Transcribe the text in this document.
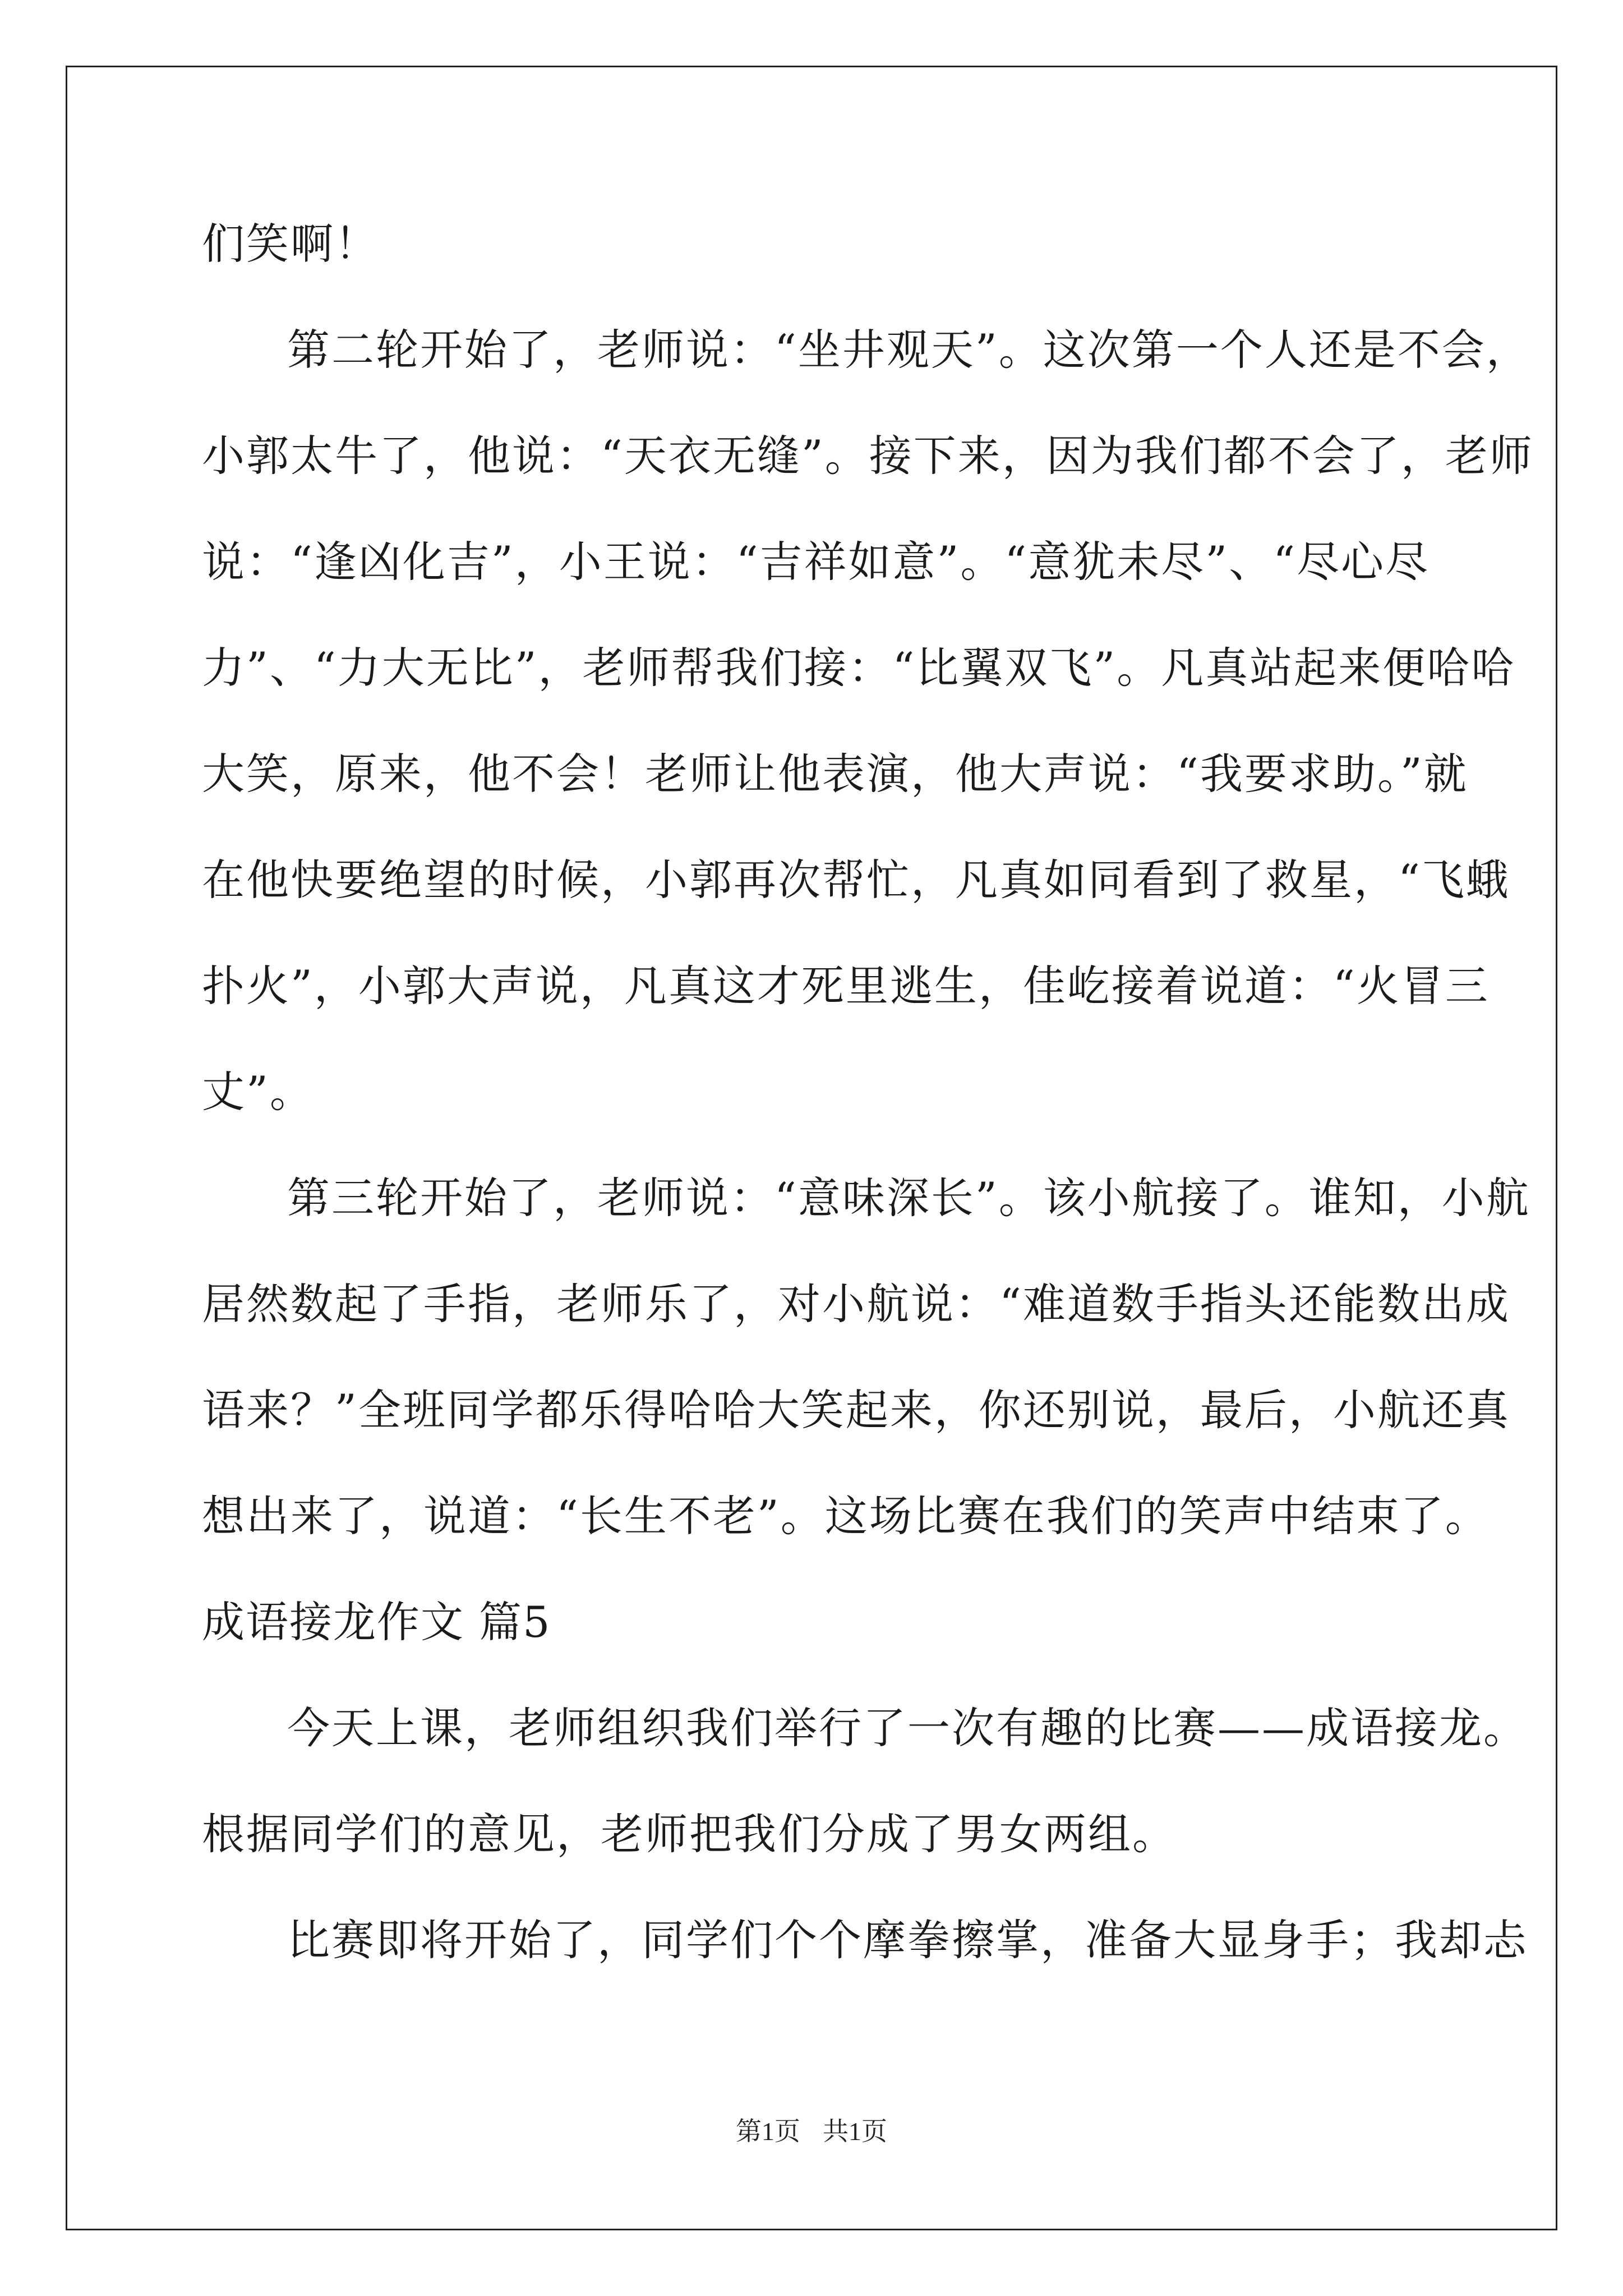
们笑啊！
第二轮开始了，老师说：“坐井观天”。这次第一个人还是不会，
小郭太牛了，他说：“天衣无缝”。接下来，因为我们都不会了，老师
说：“逢凶化吉”，小王说：“吉祥如意”。“意犹未尽”、“尽心尽
力”、“力大无比”，老师帮我们接：“比翼双飞”。凡真站起来便哈哈
大笑，原来，他不会！老师让他表演，他大声说：“我要求助。”就
在他快要绝望的时候，小郭再次帮忙，凡真如同看到了救星，“飞蛾
扑火”，小郭大声说，凡真这才死里逃生，佳屹接着说道：“火冒三
丈”。
第三轮开始了，老师说：“意味深长”。该小航接了。谁知，小航
居然数起了手指，老师乐了，对小航说：“难道数手指头还能数出成
语来？”全班同学都乐得哈哈大笑起来，你还别说，最后，小航还真
想出来了，说道：“长生不老”。这场比赛在我们的笑声中结束了。
成语接龙作文 篇5
今天上课，老师组织我们举行了一次有趣的比赛——成语接龙。
根据同学们的意见，老师把我们分成了男女两组。
比赛即将开始了，同学们个个摩拳擦掌，准备大显身手；我却忐
第1页 共1页
